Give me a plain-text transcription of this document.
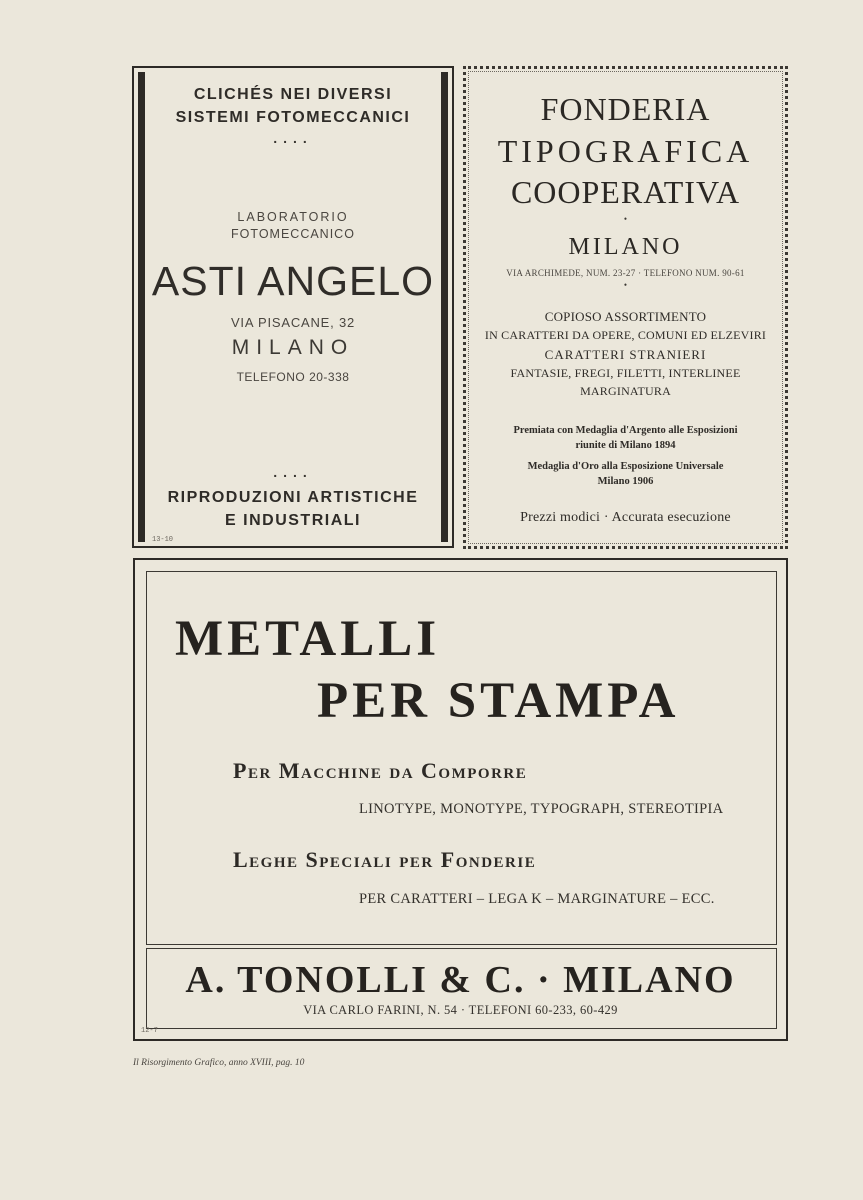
CLICHÉS NEI DIVERSI
SISTEMI FOTOMECCANICI
....
LABORATORIO
FOTOMECCANICO
ASTI ANGELO
VIA PISACANE, 32
MILANO
TELEFONO 20-338
....
RIPRODUZIONI ARTISTICHE
E INDUSTRIALI
13-10
FONDERIA
TIPOGRAFICA
COOPERATIVA
•
MILANO
VIA ARCHIMEDE, NUM. 23-27 · TELEFONO NUM. 90-61
•
COPIOSO ASSORTIMENTO
IN CARATTERI DA OPERE, COMUNI ED ELZEVIRI
CARATTERI STRANIERI
FANTASIE, FREGI, FILETTI, INTERLINEE
MARGINATURA
Premiata con Medaglia d'Argento alle Esposizioni
riunite di Milano 1894
Medaglia d'Oro alla Esposizione Universale
Milano 1906
Prezzi modici · Accurata esecuzione
METALLI
PER STAMPA
Per Macchine da Comporre
LINOTYPE, MONOTYPE, TYPOGRAPH, STEREOTIPIA
Leghe Speciali per Fonderie
PER CARATTERI – LEGA K – MARGINATURE – ECC.
A. TONOLLI & C. · MILANO
VIA CARLO FARINI, N. 54 · TELEFONI 60-233, 60-429
12-7
Il Risorgimento Grafico, anno XVIII, pag. 10
